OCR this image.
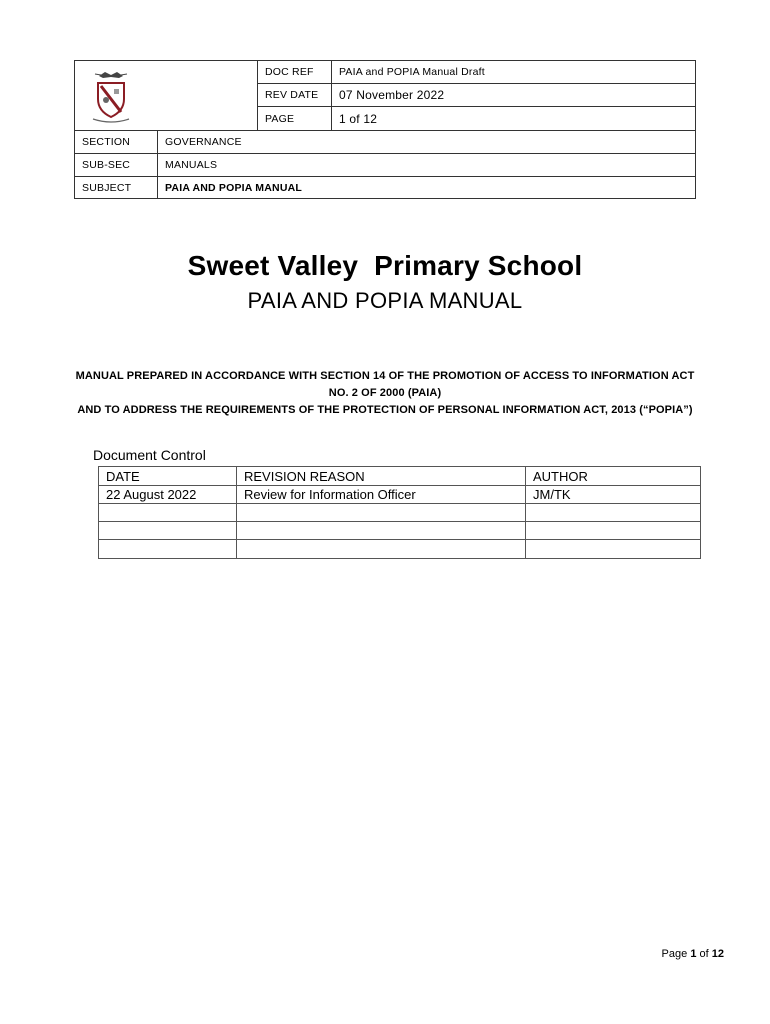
DOC REF	PAIA and POPIA Manual Draft
REV DATE	07 November 2022
PAGE	1 of 12
SECTION	GOVERNANCE
SUB-SEC	MANUALS
SUBJECT	PAIA AND POPIA MANUAL
Sweet Valley  Primary School
PAIA AND POPIA MANUAL
MANUAL PREPARED IN ACCORDANCE WITH SECTION 14 OF THE PROMOTION OF ACCESS TO INFORMATION ACT
NO. 2 OF 2000 (PAIA)
AND TO ADDRESS THE REQUIREMENTS OF THE PROTECTION OF PERSONAL INFORMATION ACT, 2013 (“POPIA”)
Document Control
DATE	REVISION REASON	AUTHOR
22 August 2022	Review for Information Officer	JM/TK
Page 1 of 12
